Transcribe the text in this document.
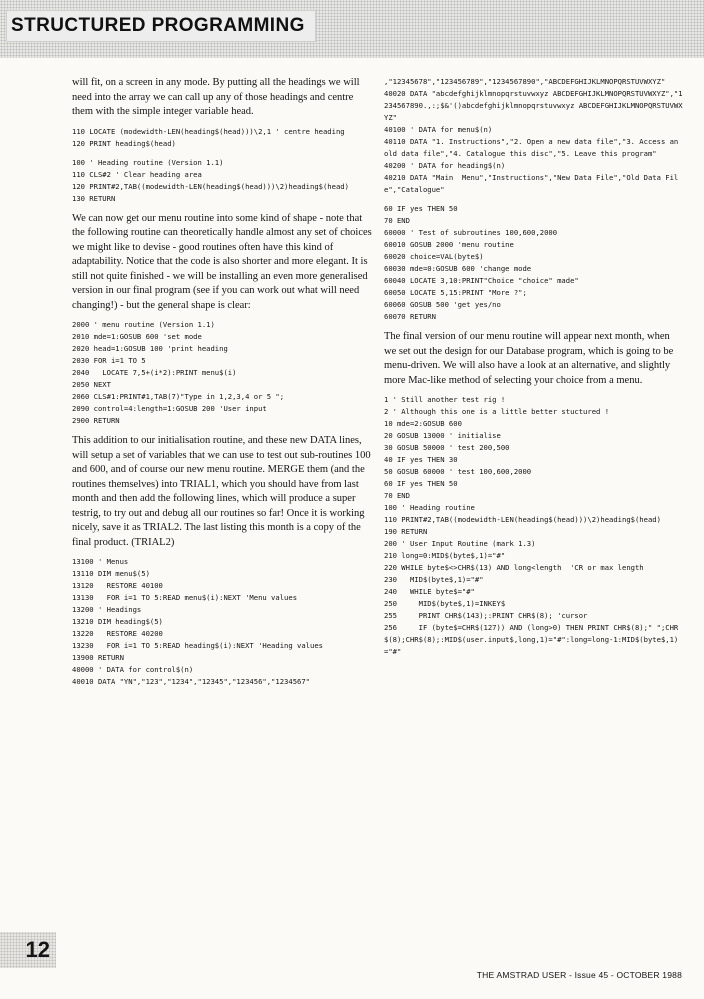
STRUCTURED PROGRAMMING

will fit, on a screen in any mode. By putting all the headings we will need into the array we can call up any of those headings and centre them with the simple integer variable head.

110 LOCATE (modewidth-LEN(heading$(head)))\2,1 ' centre heading
120 PRINT heading$(head)
100 ' Heading routine (Version 1.1)
110 CLS#2 ' Clear heading area
120 PRINT#2,TAB((modewidth-LEN(heading$(head)))\2)heading$(head)
130 RETURN

We can now get our menu routine into some kind of shape - note that the following routine can theoretically handle almost any set of choices we might like to devise - good routines often have this kind of adaptability. Notice that the code is also shorter and more elegant. It is still not quite finished - we will be installing an even more generalised version in our final program (see if you can work out what will need changing!) - but the general shape is clear:

2000 ' menu routine (Version 1.1)
2010 mde=1:GOSUB 600 'set mode
2020 head=1:GOSUB 100 'print heading
2030 FOR i=1 TO 5
2040   LOCATE 7,5+(i*2):PRINT menu$(i)
2050 NEXT
2060 CLS#1:PRINT#1,TAB(7)"Type in 1,2,3,4 or 5 ";
2090 control=4:length=1:GOSUB 200 'User input
2900 RETURN

This addition to our initialisation routine, and these new DATA lines, will setup a set of variables that we can use to test out sub-routines 100 and 600, and of course our new menu routine. MERGE them (and the routines themselves) into TRIAL1, which you should have from last month and then add the following lines, which will produce a super testrig, to try out and debug all our routines so far! Once it is working nicely, save it as TRIAL2. The last listing this month is a copy of the final product. (TRIAL2)

13100 ' Menus
13110 DIM menu$(5)
13120   RESTORE 40100
13130   FOR i=1 TO 5:READ menu$(i):NEXT 'Menu values
13200 ' Headings
13210 DIM heading$(5)
13220   RESTORE 40200
13230   FOR i=1 TO 5:READ heading$(i):NEXT 'Heading values
13900 RETURN
40000 ' DATA for control$(n)
40010 DATA "YN","123","1234","12345","123456","1234567"
,"12345678","123456789","1234567890","ABCDEFGHIJKLMNOPQRSTUVWXYZ"
40020 DATA "abcdefghijklmnopqrstuvwxyz ABCDEFGHIJKLMNOPQRSTUVWXYZ","1234567890.,:;$&'()abcdefghijklmnopqrstuvwxyz ABCDEFGHIJKLMNOPQRSTUVWXYZ"
40100 ' DATA for menu$(n)
40110 DATA "1. Instructions","2. Open a new data file","3. Access an old data file","4. Catalogue this disc","5. Leave this program"
40200 ' DATA for heading$(n)
40210 DATA "Main  Menu","Instructions","New Data File","Old Data File","Catalogue"
60 IF yes THEN 50
70 END
60000 ' Test of subroutines 100,600,2000
60010 GOSUB 2000 'menu routine
60020 choice=VAL(byte$)
60030 mde=0:GOSUB 600 'change mode
60040 LOCATE 3,10:PRINT"Choice "choice" made"
60050 LOCATE 5,15:PRINT "More ?";
60060 GOSUB 500 'get yes/no
60070 RETURN

The final version of our menu routine will appear next month, when we set out the design for our Database program, which is going to be menu-driven. We will also have a look at an alternative, and slightly more Mac-like method of selecting your choice from a menu.

1 ' Still another test rig !
2 ' Although this one is a little better stuctured !
10 mde=2:GOSUB 600
20 GOSUB 13000 ' initialise
30 GOSUB 50000 ' test 200,500
40 IF yes THEN 30
50 GOSUB 60000 ' test 100,600,2000
60 IF yes THEN 50
70 END
100 ' Heading routine
110 PRINT#2,TAB((modewidth-LEN(heading$(head)))\2)heading$(head)
190 RETURN
200 ' User Input Routine (mark 1.3)
210 long=0:MID$(byte$,1)="#"
220 WHILE byte$<>CHR$(13) AND long<length  'CR or max length
230   MID$(byte$,1)="#"
240   WHILE byte$="#"
250     MID$(byte$,1)=INKEY$
255     PRINT CHR$(143);:PRINT CHR$(8); 'cursor
256     IF (byte$=CHR$(127)) AND (long>0) THEN PRINT CHR$(8);" ";CHR$(8);CHR$(8);:MID$(user.input$,long,1)="#":long=long-1:MID$(byte$,1)="#"
12
THE AMSTRAD USER - Issue 45 - OCTOBER 1988
